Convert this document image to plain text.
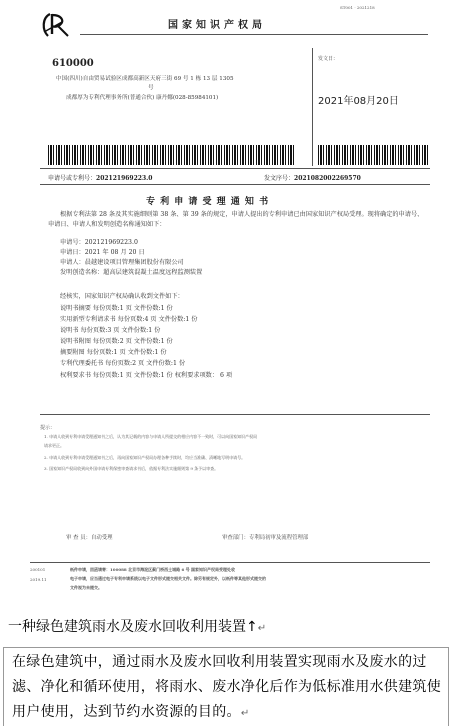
ST001 · 2021218
国家知识产权局
610000
中国(四川)自由贸易试验区成都高新区天府三街 69 号 1 栋 13 层 1305
号
成都厚为专利代理事务所(普通合伙) 康丹娜(028-85984101)
发文日：
2021年08月20日
申请号或专利号：202121969223.0	发文序号：2021082002269570
专 利 申 请 受 理 通 知 书
根据专利法第 28 条及其实施细则第 38 条、第 39 条的规定，申请人提出的专利申请已由国家知识产权局受理。现将确定的申请号、申请日、申请人和发明创造名称通知如下：
申请号：202121969223.0
申请日：2021 年 08 月 20 日
申请人：晨越建设项目管理集团股份有限公司
发明创造名称：超高层建筑混凝土温度远程监测装置
经核实，国家知识产权局确认收到文件如下：
说明书摘要 每份页数:1 页 文件份数:1 份
实用新型专利请求书 每份页数:4 页 文件份数:1 份
说明书 每份页数:3 页 文件份数:1 份
说明书附图 每份页数:2 页 文件份数:1 份
摘要附图 每份页数:1 页 文件份数:1 份
专利代理委托书 每份页数:2 页 文件份数:1 份
权利要求书 每份页数:1 页 文件份数:1 份 权利要求项数： 6 项
提示：
1. 申请人收到专利申请受理通知书之后，认为其记载的内容与申请人所提交的相应内容不一致时，可以向国家知识产权局
请求更正。
2. 申请人收到专利申请受理通知书之后，再向国家知识产权局办理各种手续时，均应当准确、清晰地写明申请号。
3. 国家知识产权局收到向外国申请专利保密审查请求书后，依据专利法实施细则第 9 条予以审查。
审 查 员：自动受理	审查部门：专利局初审及流程管理部
200101
2019.11
纸件申请，回函请寄：100088 北京市海淀区蓟门桥西土城路 6 号 国家知识产权局受理处收
电子申请，应当通过电子专利申请系统以电子文件形式提交相关文件。除另有规定外，以纸件等其他形式提交的
文件视为未提交。
一种绿色建筑雨水及废水回收利用装置↑↵
在绿色建筑中，通过雨水及废水回收利用装置实现雨水及废水的过滤、净化和循环使用，将雨水、废水净化后作为低标准用水供建筑使用户使用，达到节约水资源的目的。↵
